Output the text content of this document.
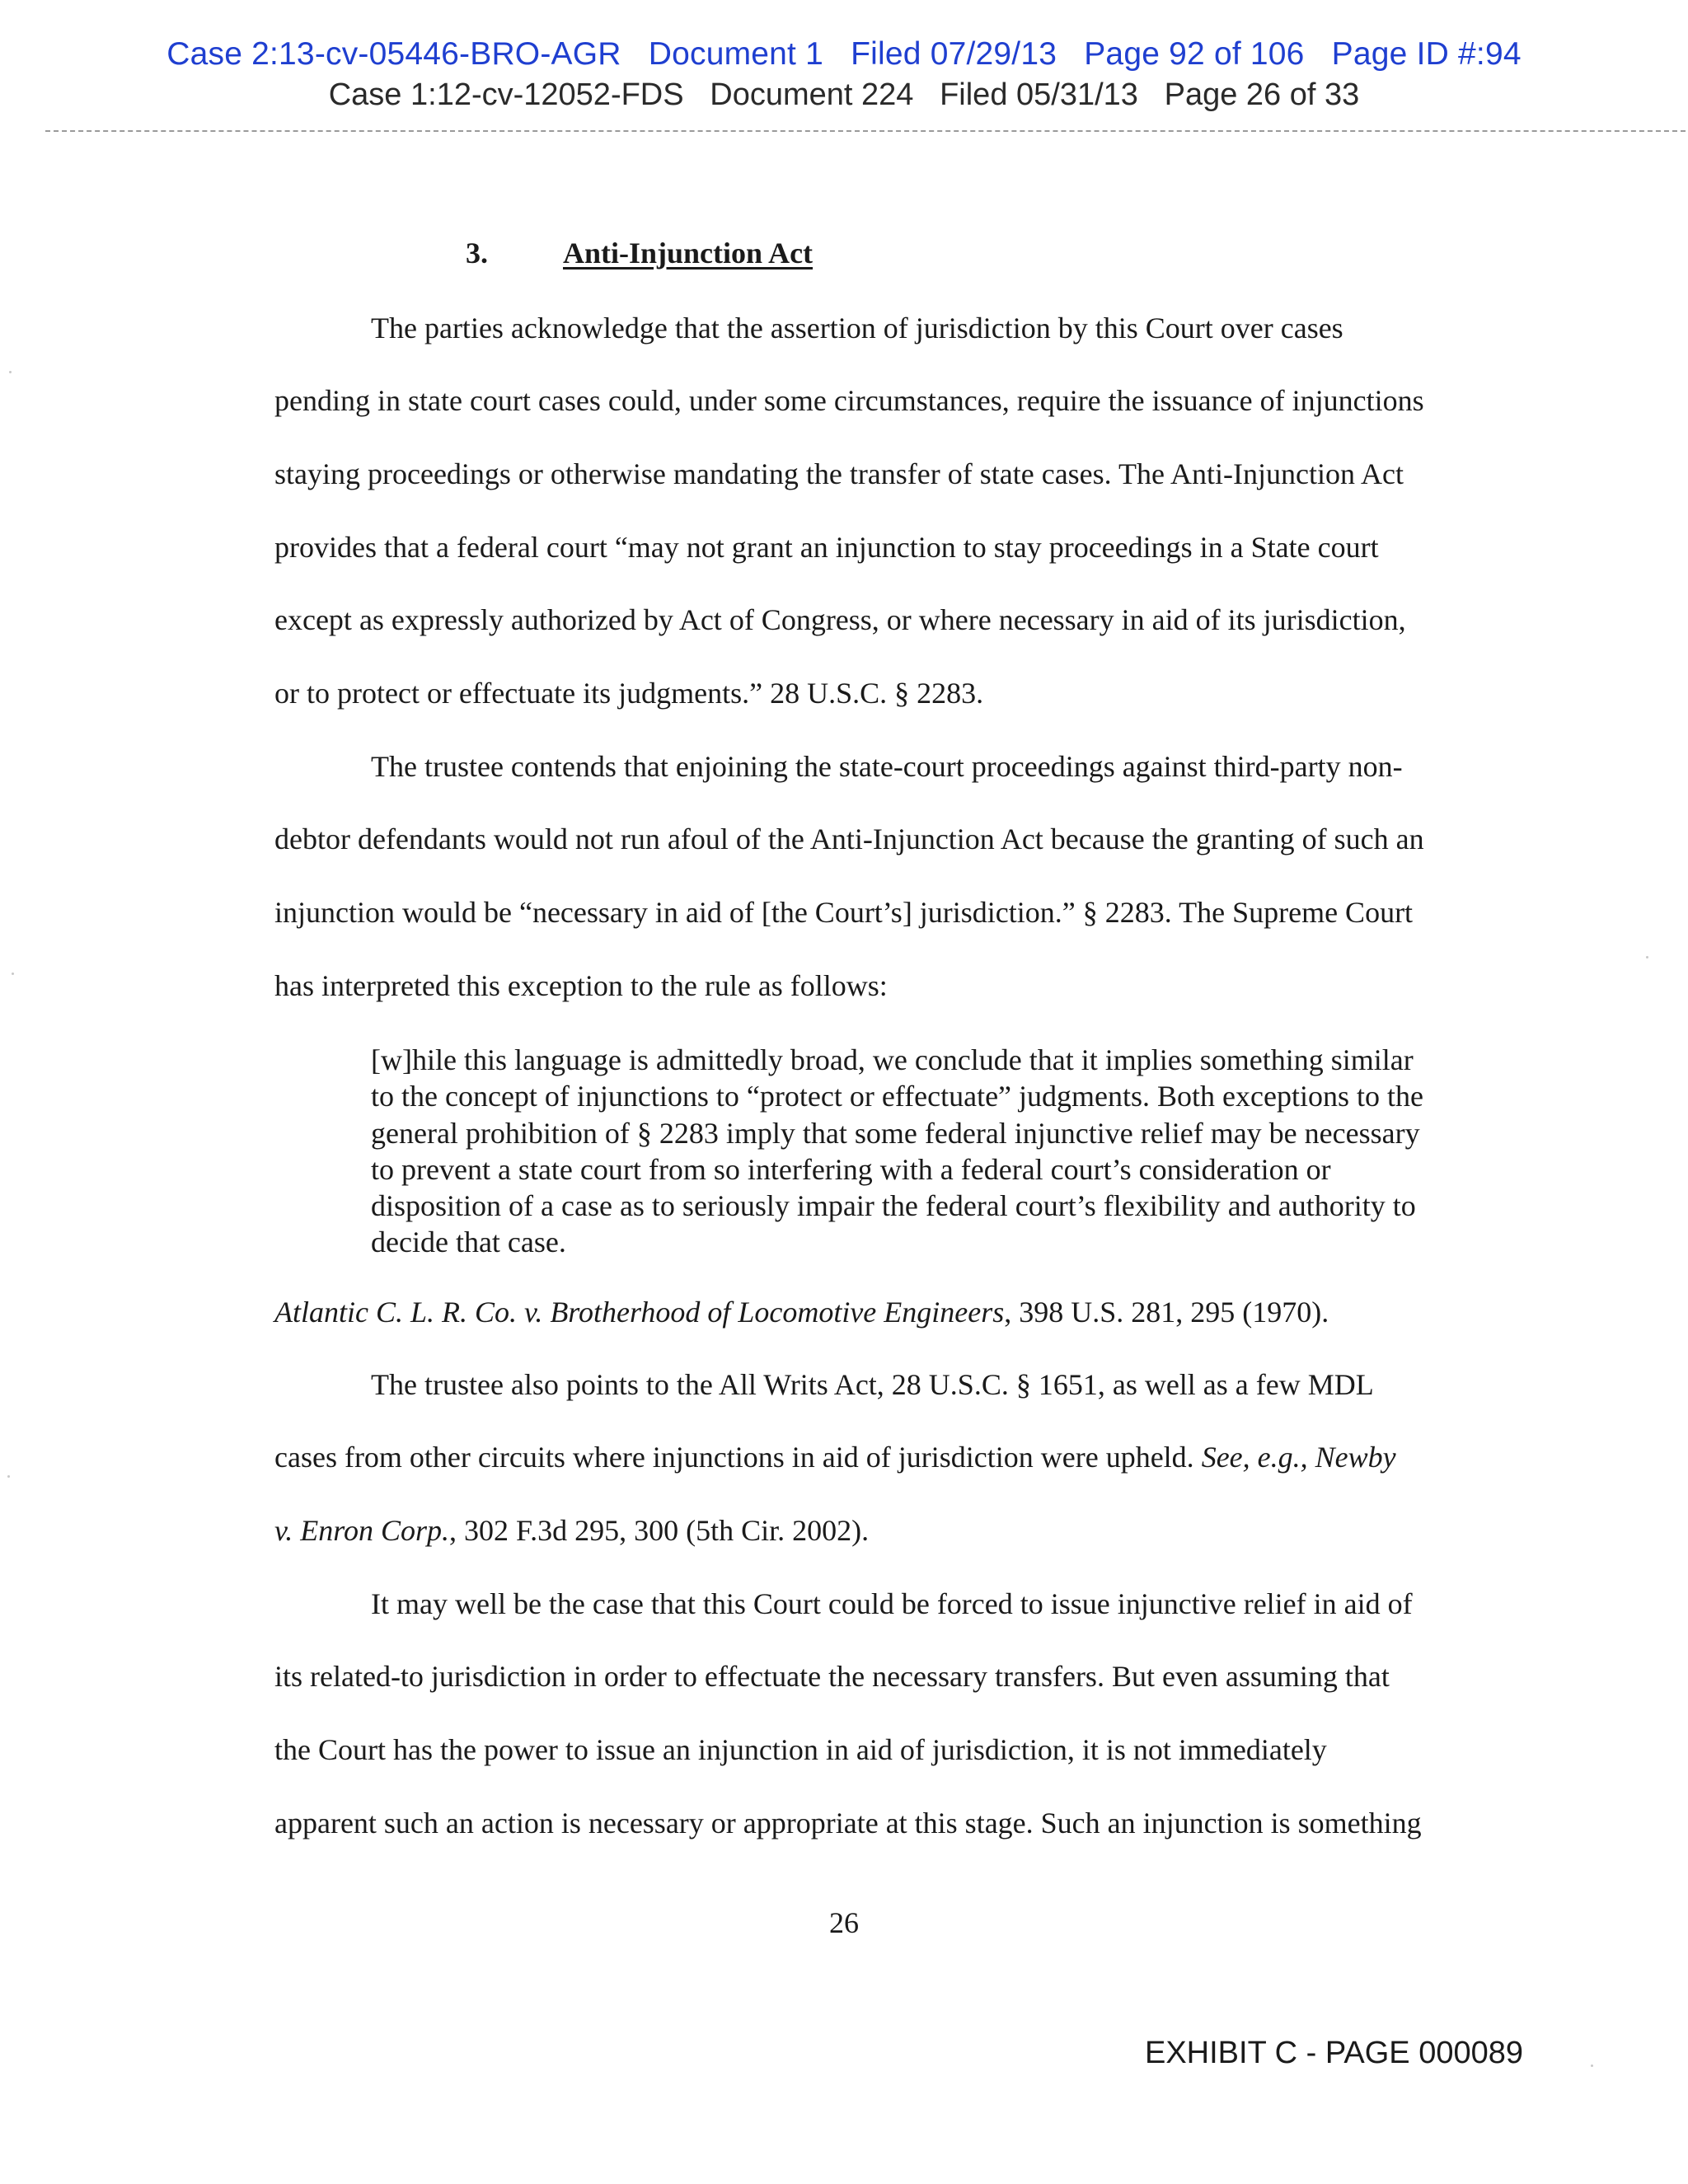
Case 2:13-cv-05446-BRO-AGR   Document 1   Filed 07/29/13   Page 92 of 106   Page ID #:94
Case 1:12-cv-12052-FDS   Document 224   Filed 05/31/13   Page 26 of 33
3.	Anti-Injunction Act
The parties acknowledge that the assertion of jurisdiction by this Court over cases
pending in state court cases could, under some circumstances, require the issuance of injunctions
staying proceedings or otherwise mandating the transfer of state cases. The Anti-Injunction Act
provides that a federal court “may not grant an injunction to stay proceedings in a State court
except as expressly authorized by Act of Congress, or where necessary in aid of its jurisdiction,
or to protect or effectuate its judgments.” 28 U.S.C. § 2283.
The trustee contends that enjoining the state-court proceedings against third-party non-
debtor defendants would not run afoul of the Anti-Injunction Act because the granting of such an
injunction would be “necessary in aid of [the Court’s] jurisdiction.” § 2283. The Supreme Court
has interpreted this exception to the rule as follows:
[w]hile this language is admittedly broad, we conclude that it implies something similar
to the concept of injunctions to “protect or effectuate” judgments. Both exceptions to the
general prohibition of § 2283 imply that some federal injunctive relief may be necessary
to prevent a state court from so interfering with a federal court’s consideration or
disposition of a case as to seriously impair the federal court’s flexibility and authority to
decide that case.
Atlantic C. L. R. Co. v. Brotherhood of Locomotive Engineers, 398 U.S. 281, 295 (1970).
The trustee also points to the All Writs Act, 28 U.S.C. § 1651, as well as a few MDL
cases from other circuits where injunctions in aid of jurisdiction were upheld. See, e.g., Newby
v. Enron Corp., 302 F.3d 295, 300 (5th Cir. 2002).
It may well be the case that this Court could be forced to issue injunctive relief in aid of
its related-to jurisdiction in order to effectuate the necessary transfers. But even assuming that
the Court has the power to issue an injunction in aid of jurisdiction, it is not immediately
apparent such an action is necessary or appropriate at this stage. Such an injunction is something
26
EXHIBIT C - PAGE 000089
